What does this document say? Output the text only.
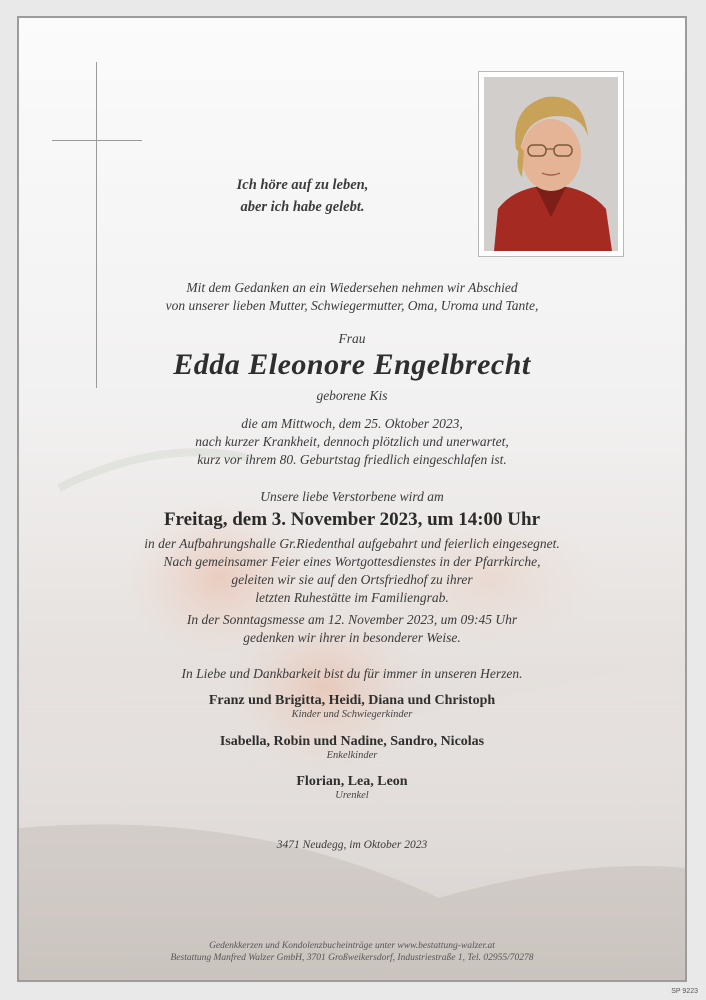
Ich höre auf zu leben,
aber ich habe gelebt.
Mit dem Gedanken an ein Wiedersehen nehmen wir Abschied
von unserer lieben Mutter, Schwiegermutter, Oma, Uroma und Tante,
Frau
Edda Eleonore Engelbrecht
geborene Kis
die am Mittwoch, dem 25. Oktober 2023,
nach kurzer Krankheit, dennoch plötzlich und unerwartet,
kurz vor ihrem 80. Geburtstag friedlich eingeschlafen ist.
Unsere liebe Verstorbene wird am
Freitag, dem 3. November 2023, um 14:00 Uhr
in der Aufbahrungshalle Gr.Riedenthal aufgebahrt und feierlich eingesegnet.
Nach gemeinsamer Feier eines Wortgottesdienstes in der Pfarrkirche,
geleiten wir sie auf den Ortsfriedhof zu ihrer
letzten Ruhestätte im Familiengrab.
In der Sonntagsmesse am 12. November 2023, um 09:45 Uhr
gedenken wir ihrer in besonderer Weise.
In Liebe und Dankbarkeit bist du für immer in unseren Herzen.
Franz und Brigitta, Heidi, Diana und Christoph
Kinder und Schwiegerkinder
Isabella, Robin und Nadine, Sandro, Nicolas
Enkelkinder
Florian, Lea, Leon
Urenkel
3471 Neudegg, im Oktober 2023
Gedenkkerzen und Kondolenzbucheinträge unter www.bestattung-walzer.at
Bestattung Manfred Walzer GmbH, 3701 Großweikersdorf, Industriestraße 1, Tel. 02955/70278
SP 9223
